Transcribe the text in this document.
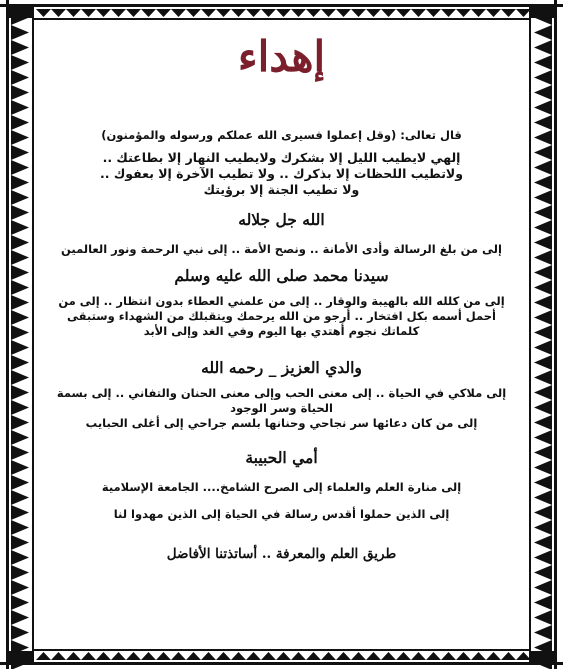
إهداء
قال تعالى: (وقل إعملوا فسيرى الله عملكم ورسوله والمؤمنون)
إلهي لايطيب الليل إلا بشكرك ولايطيب النهار إلا بطاعتك ..
ولاتطيب اللحظات إلا بذكرك .. ولا تطيب الآخرة إلا بعفوك ..
ولا تطيب الجنة إلا برؤيتك
الله جل جلاله
إلى من بلغ الرسالة وأدى الأمانة .. ونصح الأمة .. إلى نبي الرحمة ونور العالمين
سيدنا محمد صلى الله عليه وسلم
إلى من كلله الله بالهيبة والوقار .. إلى من علمني العطاء بدون انتظار .. إلى من
أحمل أسمه بكل افتخار .. أرجو من الله يرحمك ويتقبلك من الشهداء وستبقى
كلماتك نجوم أهتدي بها اليوم وفي الغد وإلى الأبد
والدي العزيز _ رحمه الله
إلى ملاكي في الحياة .. إلى معنى الحب وإلى معنى الحنان والتفاني .. إلى بسمة
الحياة وسر الوجود
إلى من كان دعائها سر نجاحي وحنانها بلسم جراحي إلى أغلى الحبايب
أمي الحبيبة
إلى منارة العلم والعلماء إلى الصرح الشامخ.... الجامعة الإسلامية
إلى الذين حملوا أقدس رسالة في الحياة إلى الذين مهدوا لنا
طريق العلم والمعرفة .. أساتذتنا الأفاضل
